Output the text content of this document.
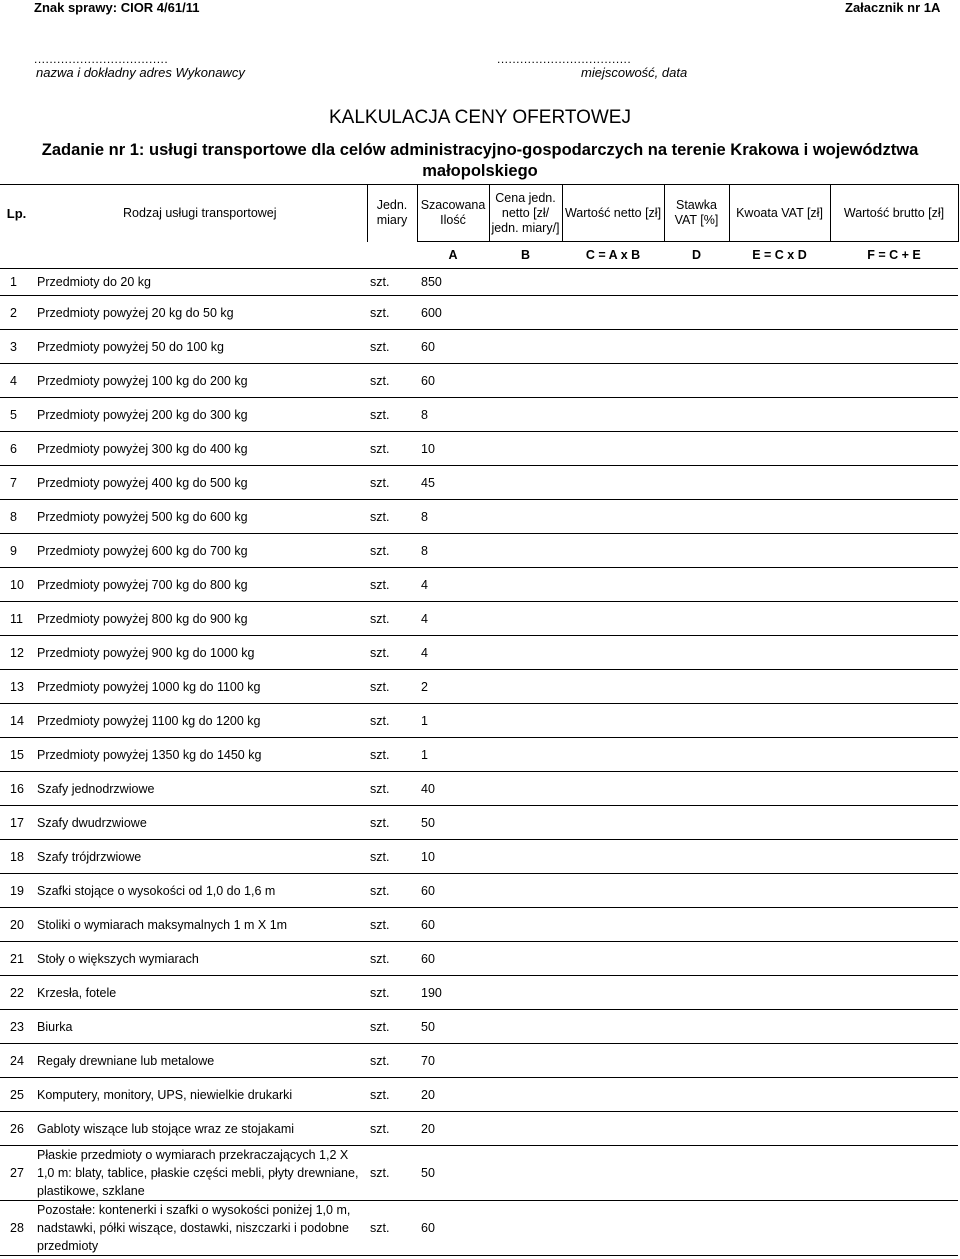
Znak sprawy: CIOR 4/61/11	Załacznik nr 1A
...................................	...................................
nazwa i dokładny adres Wykonawcy	miejscowość, data
KALKULACJA CENY OFERTOWEJ
Zadanie nr 1: usługi transportowe dla celów administracyjno-gospodarczych na terenie Krakowa i województwa małopolskiego
Lp.	Rodzaj usługi transportowej	Jedn. miary	Szacowana Ilość	Cena jedn. netto [zł/ jedn. miary/]	Wartość netto [zł]	Stawka VAT [%]	Kwoata VAT [zł]	Wartość brutto [zł]
			A	B	C = A x B	D	E = C x D	F = C + E
1	Przedmioty do 20 kg	szt.	850					
2	Przedmioty powyżej 20 kg do 50 kg	szt.	600					
3	Przedmioty powyżej 50 do 100 kg	szt.	60					
4	Przedmioty powyżej 100 kg do 200 kg	szt.	60					
5	Przedmioty powyżej 200 kg do 300 kg	szt.	8					
6	Przedmioty powyżej 300 kg do 400 kg	szt.	10					
7	Przedmioty powyżej 400 kg do 500 kg	szt.	45					
8	Przedmioty powyżej 500 kg do 600 kg	szt.	8					
9	Przedmioty powyżej 600 kg do 700 kg	szt.	8					
10	Przedmioty powyżej 700 kg do 800 kg	szt.	4					
11	Przedmioty powyżej 800 kg do 900 kg	szt.	4					
12	Przedmioty powyżej 900 kg do 1000 kg	szt.	4					
13	Przedmioty powyżej 1000 kg do 1100 kg	szt.	2					
14	Przedmioty powyżej 1100 kg do 1200 kg	szt.	1					
15	Przedmioty powyżej 1350 kg do 1450 kg	szt.	1					
16	Szafy jednodrzwiowe	szt.	40					
17	Szafy dwudrzwiowe	szt.	50					
18	Szafy trójdrzwiowe	szt.	10					
19	Szafki stojące o wysokości od 1,0 do 1,6 m	szt.	60					
20	Stoliki o wymiarach maksymalnych 1 m X 1m	szt.	60					
21	Stoły o większych wymiarach	szt.	60					
22	Krzesła, fotele	szt.	190					
23	Biurka	szt.	50					
24	Regały drewniane lub metalowe	szt.	70					
25	Komputery, monitory, UPS, niewielkie drukarki	szt.	20					
26	Gabloty wiszące lub stojące wraz ze stojakami	szt.	20					
27	Płaskie przedmioty o wymiarach przekraczających 1,2 X 1,0 m: blaty, tablice, płaskie części mebli, płyty drewniane, plastikowe, szklane	szt.	50					
28	Pozostałe: kontenerki i szafki o wysokości poniżej 1,0 m, nadstawki, półki wiszące, dostawki, niszczarki i podobne przedmioty	szt.	60					
